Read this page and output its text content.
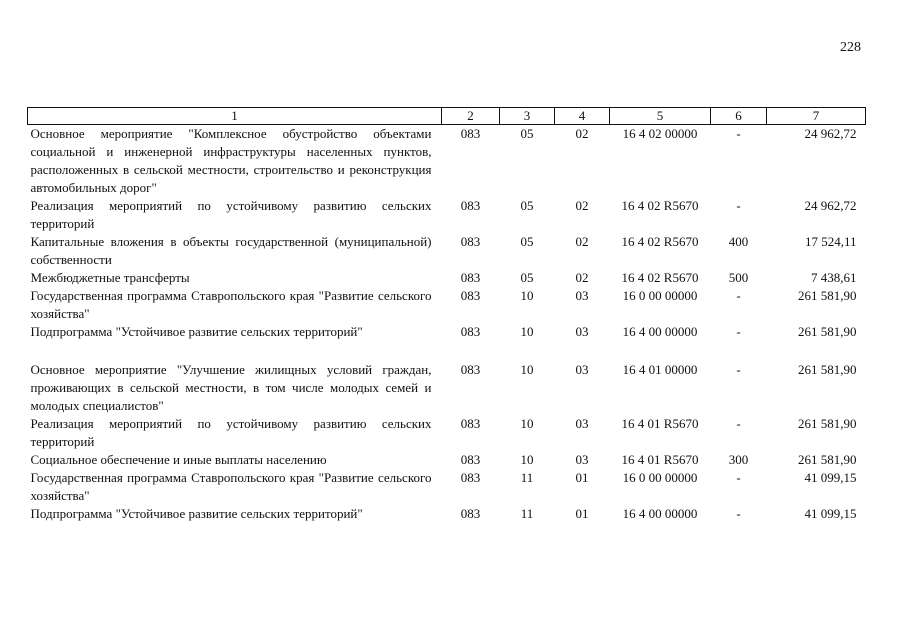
228
1	2	3	4	5	6	7
Основное мероприятие "Комплексное обустройство объектами социальной и инженерной инфраструктуры населенных пунктов, расположенных в сельской местности, строительство и реконструкция автомобильных дорог"	083	05	02	16 4 02 00000	-	24 962,72
Реализация мероприятий по устойчивому развитию сельских территорий	083	05	02	16 4 02 R5670	-	24 962,72
Капитальные вложения в объекты государственной (муниципальной) собственности	083	05	02	16 4 02 R5670	400	17 524,11
Межбюджетные трансферты	083	05	02	16 4 02 R5670	500	7 438,61
Государственная программа Ставропольского края "Развитие сельского хозяйства"	083	10	03	16 0 00 00000	-	261 581,90
Подпрограмма "Устойчивое развитие сельских территорий"	083	10	03	16 4 00 00000	-	261 581,90
Основное мероприятие "Улучшение жилищных условий граждан, проживающих в сельской местности, в том числе молодых семей и молодых специалистов"	083	10	03	16 4 01 00000	-	261 581,90
Реализация мероприятий по устойчивому развитию сельских территорий	083	10	03	16 4 01 R5670	-	261 581,90
Социальное обеспечение и иные выплаты населению	083	10	03	16 4 01 R5670	300	261 581,90
Государственная программа Ставропольского края "Развитие сельского хозяйства"	083	11	01	16 0 00 00000	-	41 099,15
Подпрограмма "Устойчивое развитие сельских территорий"	083	11	01	16 4 00 00000	-	41 099,15
